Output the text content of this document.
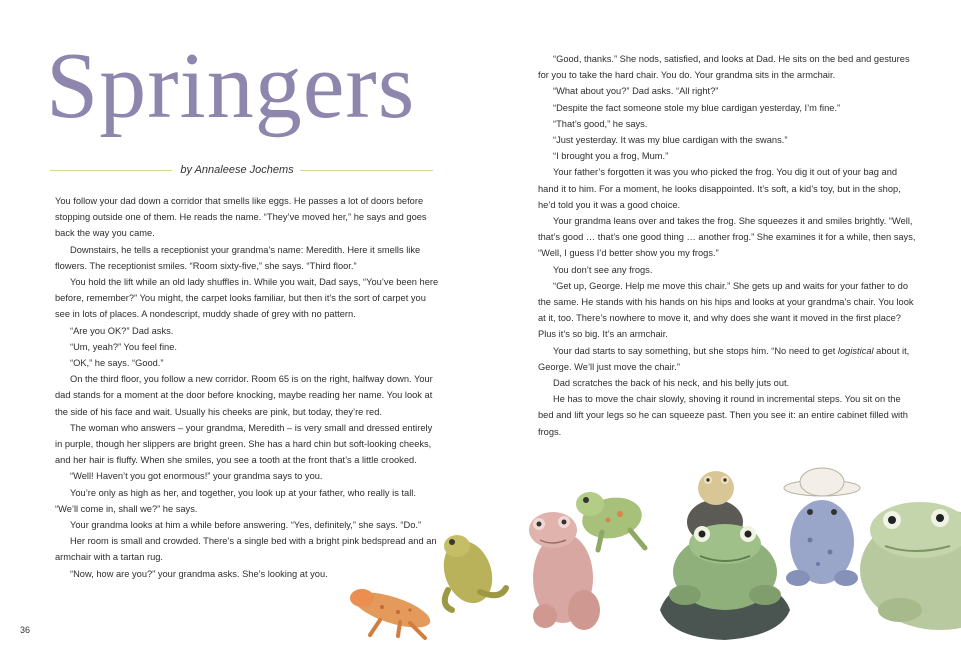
Springers
by Annaleese Jochems

You follow your dad down a corridor that smells like eggs. He passes a lot of doors before stopping outside one of them. He reads the name. “They’ve moved her,” he says and goes back the way you came.

Downstairs, he tells a receptionist your grandma’s name: Meredith. Here it smells like flowers. The receptionist smiles. “Room sixty-five,” she says. “Third floor.”

You hold the lift while an old lady shuffles in. While you wait, Dad says, “You’ve been here before, remember?” You might, the carpet looks familiar, but then it’s the sort of carpet you see in lots of places. A nondescript, muddy shade of grey with no pattern.

“Are you OK?” Dad asks.

“Um, yeah?” You feel fine.

“OK,” he says. “Good.”

On the third floor, you follow a new corridor. Room 65 is on the right, halfway down. Your dad stands for a moment at the door before knocking, maybe reading her name. You look at the side of his face and wait. Usually his cheeks are pink, but today, they’re red.

The woman who answers – your grandma, Meredith – is very small and dressed entirely in purple, though her slippers are bright green. She has a hard chin but soft-looking cheeks, and her hair is fluffy. When she smiles, you see a tooth at the front that’s a little crooked.

“Well! Haven’t you got enormous!” your grandma says to you.

You’re only as high as her, and together, you look up at your father, who really is tall. “We’ll come in, shall we?” he says.

Your grandma looks at him a while before answering. “Yes, definitely,” she says. “Do.”

Her room is small and crowded. There’s a single bed with a bright pink bedspread and an armchair with a tartan rug.

“Now, how are you?” your grandma asks. She’s looking at you.

“Good, thanks.” She nods, satisfied, and looks at Dad. He sits on the bed and gestures for you to take the hard chair. You do. Your grandma sits in the armchair.

“What about you?” Dad asks. “All right?”

“Despite the fact someone stole my blue cardigan yesterday, I’m fine.”

“That’s good,” he says.

“Just yesterday. It was my blue cardigan with the swans.”

“I brought you a frog, Mum.”

Your father’s forgotten it was you who picked the frog. You dig it out of your bag and hand it to him. For a moment, he looks disappointed. It’s soft, a kid’s toy, but in the shop, he’d told you it was a good choice.

Your grandma leans over and takes the frog. She squeezes it and smiles brightly. “Well, that’s good … that’s one good thing … another frog.” She examines it for a while, then says, “Well, I guess I’d better show you my frogs.”

You don’t see any frogs.

“Get up, George. Help me move this chair.” She gets up and waits for your father to do the same. He stands with his hands on his hips and looks at your grandma’s chair. You look at it, too. There’s nowhere to move it, and why does she want it moved in the first place? Plus it’s so big. It’s an armchair.

Your dad starts to say something, but she stops him. “No need to get logistical about it, George. We’ll just move the chair.”

Dad scratches the back of his neck, and his belly juts out.

He has to move the chair slowly, shoving it round in incremental steps. You sit on the bed and lift your legs so he can squeeze past. Then you see it: an entire cabinet filled with frogs.

36
